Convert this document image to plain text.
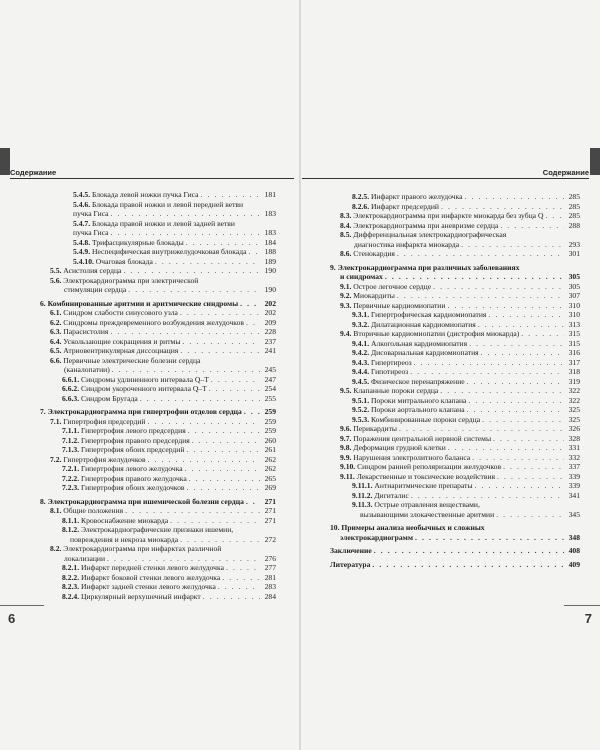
Содержание	Содержание
5.4.5. Блокада левой ножки пучка Гиса . . .	181
5.4.6. Блокада правой ножки и левой передней ветви
пучка Гиса . . .	183
5.4.7. Блокада правой ножки и левой задней ветви
пучка Гиса . . .	183
5.4.8. Трифасцикулярные блокады . . .	184
5.4.9. Неспецифическая внутрижелудочковая блокада . . .	188
5.4.10. Очаговая блокада . . .	189
5.5. Асистолия сердца . . .	190
5.6. Электрокардиограмма при электрической
стимуляции сердца . . .	190
6. Комбинированные аритмии и аритмические синдромы . . .	202
6.1. Синдром слабости синусового узла . . .	202
6.2. Синдромы преждевременного возбуждения желудочков . . .	209
6.3. Парасистолия . . .	228
6.4. Ускользающие сокращения и ритмы . . .	237
6.5. Атриовентрикулярная диссоциация . . .	241
6.6. Первичные электрические болезни сердца
(каналопатии) . . .	245
6.6.1. Синдромы удлиненного интервала Q–T . . .	247
6.6.2. Синдром укороченного интервала Q–T . . .	254
6.6.3. Синдром Бругада . . .	255
7. Электрокардиограмма при гипертрофии отделов сердца . . .	259
7.1. Гипертрофия предсердий . . .	259
7.1.1. Гипертрофия левого предсердия . . .	259
7.1.2. Гипертрофия правого предсердия . . .	260
7.1.3. Гипертрофия обоих предсердий . . .	261
7.2. Гипертрофия желудочков . . .	262
7.2.1. Гипертрофия левого желудочка . . .	262
7.2.2. Гипертрофия правого желудочка . . .	265
7.2.3. Гипертрофия обоих желудочков . . .	269
8. Электрокардиограмма при ишемической болезни сердца . . .	271
8.1. Общие положения . . .	271
8.1.1. Кровоснабжение миокарда . . .	271
8.1.2. Электрокардиографические признаки ишемии,
повреждения и некроза миокарда . . .	272
8.2. Электрокардиограмма при инфарктах различной
локализации . . .	276
8.2.1. Инфаркт передней стенки левого желудочка . . .	277
8.2.2. Инфаркт боковой стенки левого желудочка . . .	281
8.2.3. Инфаркт задней стенки левого желудочка . . .	283
8.2.4. Циркулярный верхушечный инфаркт . . .	284
8.2.5. Инфаркт правого желудочка . . .	285
8.2.6. Инфаркт предсердий . . .	285
8.3. Электрокардиограмма при инфаркте миокарда без зубца Q . . .	285
8.4. Электрокардиограмма при аневризме сердца . . .	288
8.5. Дифференциальная электрокардиографическая
диагностика инфаркта миокарда . . .	293
8.6. Стенокардия . . .	301
9. Электрокардиограмма при различных заболеваниях
и синдромах . . .	305
9.1. Острое легочное сердце . . .	305
9.2. Миокардиты . . .	307
9.3. Первичные кардиомиопатии . . .	310
9.3.1. Гипертрофическая кардиомиопатия . . .	310
9.3.2. Дилатационная кардиомиопатия . . .	313
9.4. Вторичные кардиомиопатии (дистрофия миокарда) . . .	315
9.4.1. Алкогольная кардиомиопатия . . .	315
9.4.2. Дисовариальная кардиомиопатия . . .	316
9.4.3. Гипертиреоз . . .	317
9.4.4. Гипотиреоз . . .	318
9.4.5. Физическое перенапряжение . . .	319
9.5. Клапанные пороки сердца . . .	322
9.5.1. Пороки митрального клапана . . .	322
9.5.2. Пороки аортального клапана . . .	325
9.5.3. Комбинированные пороки сердца . . .	325
9.6. Перикардиты . . .	326
9.7. Поражения центральной нервной системы . . .	328
9.8. Деформация грудной клетки . . .	331
9.9. Нарушения электролитного баланса . . .	332
9.10. Синдром ранней реполяризации желудочков . . .	337
9.11. Лекарственные и токсические воздействия . . .	339
9.11.1. Антиаритмические препараты . . .	339
9.11.2. Дигиталис . . .	341
9.11.3. Острые отравления веществами,
вызывающими злокачественные аритмии . . .	345
10. Примеры анализа необычных и сложных
электрокардиограмм . . .	348
Заключение . . .	408
Литература . . .	409
6	7
